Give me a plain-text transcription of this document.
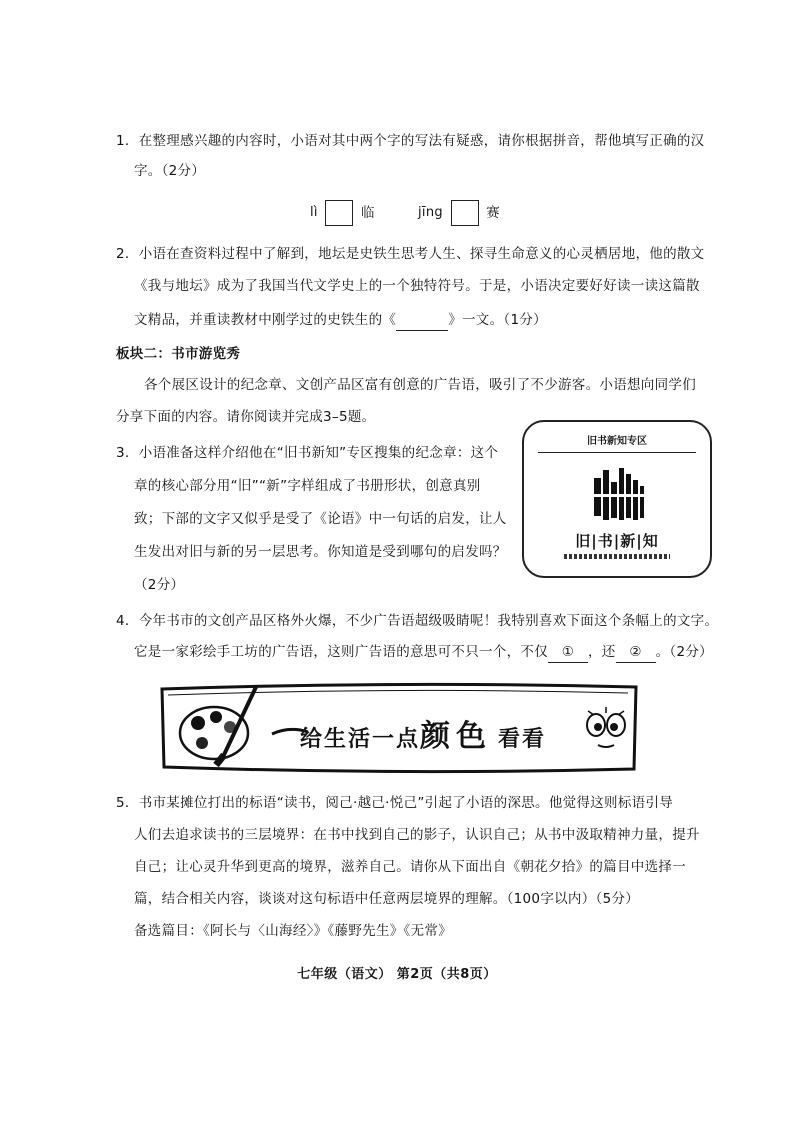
1．在整理感兴趣的内容时，小语对其中两个字的写法有疑惑，请你根据拼音，帮他填写正确的汉
字。（2分）
lì	临	jīng	赛
2．小语在查资料过程中了解到，地坛是史铁生思考人生、探寻生命意义的心灵栖居地，他的散文
《我与地坛》成为了我国当代文学史上的一个独特符号。于是，小语决定要好好读一读这篇散
文精品，并重读教材中刚学过的史铁生的《	》一文。（1分）
板块二：书市游览秀
各个展区设计的纪念章、文创产品区富有创意的广告语，吸引了不少游客。小语想向同学们
分享下面的内容。请你阅读并完成3–5题。
3．小语准备这样介绍他在“旧书新知”专区搜集的纪念章：这个
章的核心部分用“旧”“新”字样组成了书册形状，创意真别
致；下部的文字又似乎是受了《论语》中一句话的启发，让人
生发出对旧与新的另一层思考。你知道是受到哪句的启发吗？
（2分）
旧书新知专区
旧|书|新|知
4．今年书市的文创产品区格外火爆，不少广告语超级吸睛呢！我特别喜欢下面这个条幅上的文字。
它是一家彩绘手工坊的广告语，这则广告语的意思可不只一个，不仅 ① ，还 ② 。（2分）
给生活一点颜 色 看看
5．书市某摊位打出的标语“读书，阅己·越己·悦己”引起了小语的深思。他觉得这则标语引导
人们去追求读书的三层境界：在书中找到自己的影子，认识自己；从书中汲取精神力量，提升
自己；让心灵升华到更高的境界，滋养自己。请你从下面出自《朝花夕拾》的篇目中选择一
篇，结合相关内容，谈谈对这句标语中任意两层境界的理解。（100字以内）（5分）
备选篇目：《阿长与〈山海经〉》《藤野先生》《无常》
七年级（语文） 第2页（共8页）
